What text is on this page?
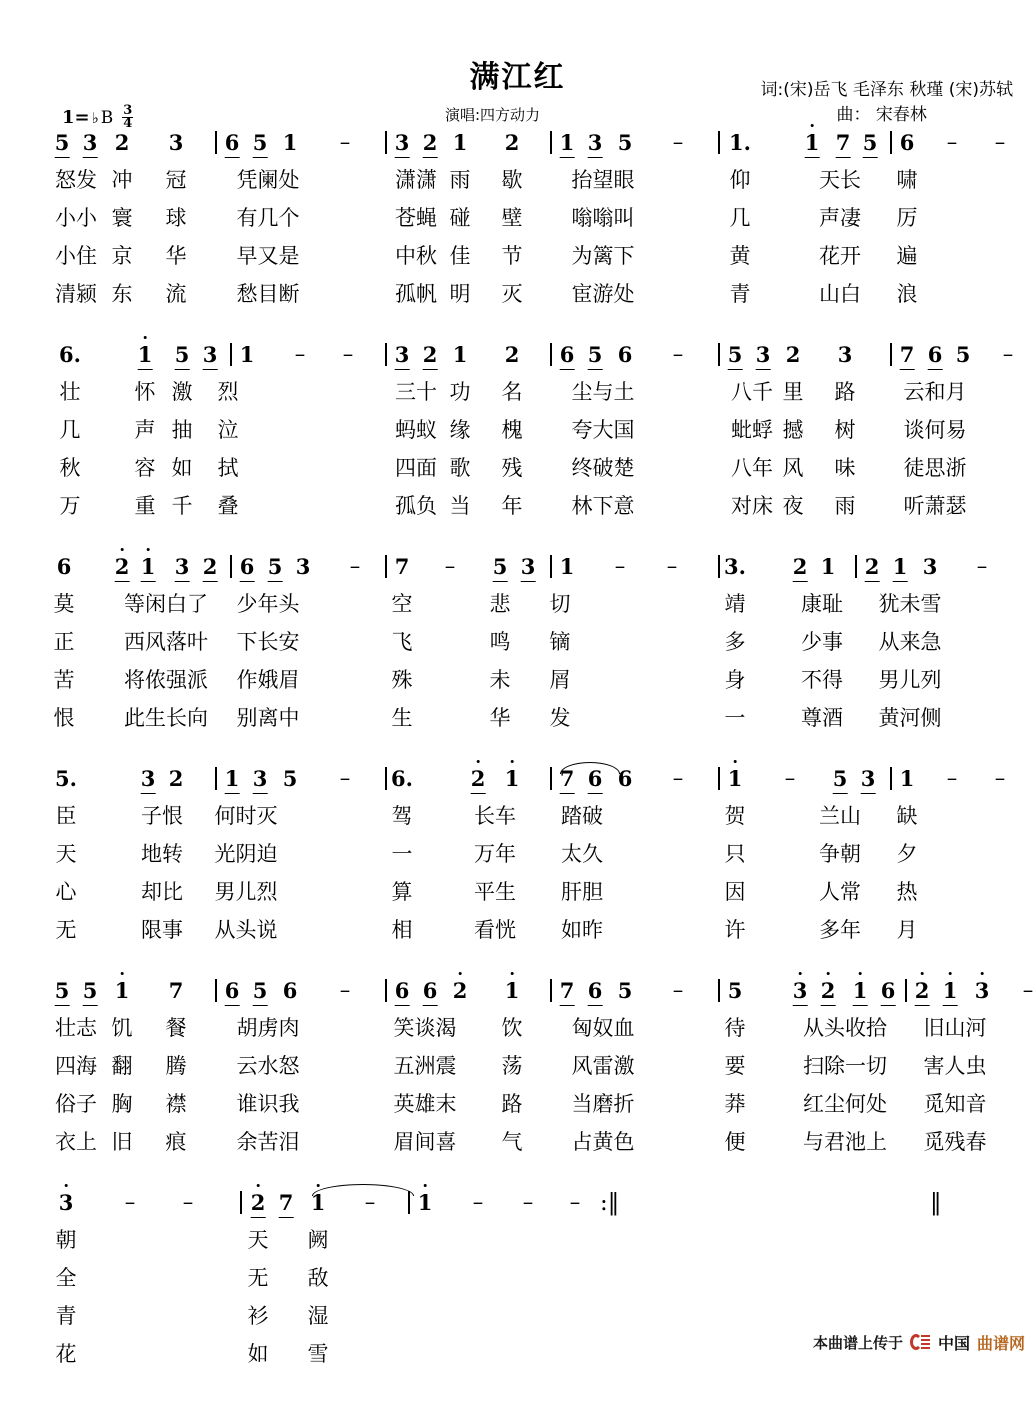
满江红
演唱:四方动力
词:(宋)岳飞 毛泽东 秋瑾 (宋)苏轼
曲： 宋春林
1= ♭ B $\frac{3}{4}$
5 3 2 3 6 5 1 – 3 2 1 2 1 3 5 – 1.	1 7 5 6 – –
怒发 冲 冠 凭阑处	潇潇 雨 歇 抬望眼	仰	天长 啸
小小 寰 球 有几个	苍蝇 碰 壁 嗡嗡叫	几	声凄 厉
小住 京 华 早又是	中秋 佳 节 为篱下	黄	花开 遍
清颍 东 流 愁目断	孤帆 明 灭 宦游处	青	山白 浪
6.	1 5 3 1 – – 3 2 1 2 6 5 6 – 5 3 2 3 7 6 5 –
壮	怀 激 烈	三十 功 名 尘与土	八千 里 路 云和月
几	声 抽 泣	蚂蚁 缘 槐 夸大国	蚍蜉 撼 树 谈何易
秋	容 如 拭	四面 歌 残 终破楚	八年 风 味 徒思浙
万	重 千 叠	孤负 当 年 林下意	对床 夜 雨 听萧瑟
6 2 1 3 2 6 5 3 – 7 – 5 3 1 – – 3. 2 1 2 1 3 –
莫 等闲白了 少年头	空	悲 切	靖	康耻 犹未雪
正 西风落叶 下长安	飞	鸣 镝	多	少事 从来急
苦 将侬强派 作娥眉	殊	未 屑	身	不得 男儿列
恨 此生长向 别离中	生	华 发	一	尊酒 黄河侧
5.	3 2 1 3 5 – 6.	2 1 7 6 6 – 1 – 5 3 1 – –
臣	子恨 何时灭	驾	长车 踏破	贺	兰山 缺
天	地转 光阴迫	一	万年 太久	只	争朝 夕
心	却比 男儿烈	算	平生 肝胆	因	人常 热
无	限事 从头说	相	看恍 如昨	许	多年 月
5 5 1 7 6 5 6 – 6 6 2 1 7 6 5 – 5 3 2 1 6 2 1 3 –
壮志 饥 餐 胡虏肉	笑谈渴 饮 匈奴血	待	从头收拾 旧山河
四海 翻 腾 云水怒	五洲震 荡 风雷激	要	扫除一切 害人虫
俗子 胸 襟 谁识我	英雄末 路 当磨折	莽	红尘何处 觅知音
衣上 旧 痕 余苦泪	眉间喜 气 占黄色	便	与君池上 觅残春
3 – –	2 7 1 – 1 – – – :‖	‖
朝	天 阙
全	无 敌
青	衫 湿
花	如 雪	本曲谱上传于 中国 曲谱网
